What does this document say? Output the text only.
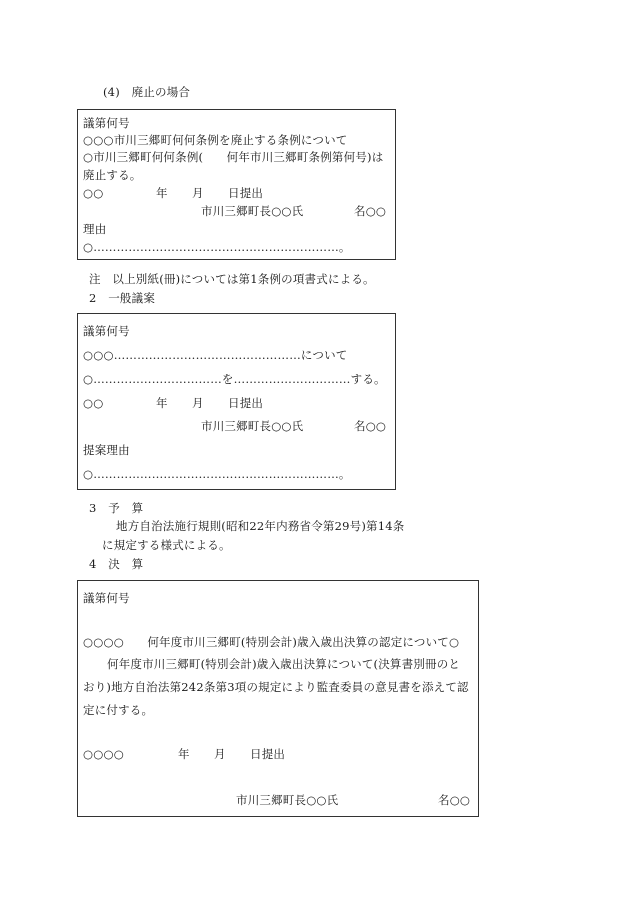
(4)　廃止の場合
議第何号
○○○市川三郷町何何条例を廃止する条例について
○市川三郷町何何条例(　　何年市川三郷町条例第何号)は
廃止する。
○○	年 月 日提出
市川三郷町長○○氏	名○○
理由
○………………………………………………………。
注　以上別紙(冊)については第1条例の項書式による。
2　一般議案
議第何号
○○○…………………………………………について
○……………………………を…………………………する。
○○	年 月 日提出
市川三郷町長○○氏	名○○
提案理由
○………………………………………………………。
3　予　算
地方自治法施行規則(昭和22年内務省令第29号)第14条
に規定する様式による。
4　決　算
議第何号
○○○○　　何年度市川三郷町(特別会計)歳入歳出決算の認定について○
何年度市川三郷町(特別会計)歳入歳出決算について(決算書別冊のと
おり)地方自治法第242条第3項の規定により監査委員の意見書を添えて認
定に付する。
○○○○	年 月 日提出
市川三郷町長○○氏	名○○
